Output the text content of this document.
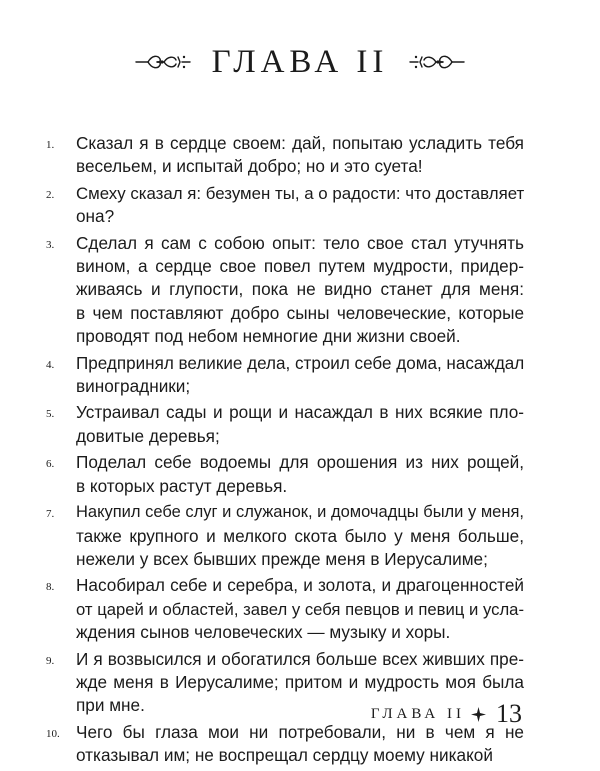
ГЛАВА II
1.	Сказал я в сердце своем: дай, попытаю усладить тебя
весельем, и испытай добро; но и это суета!
2.	Смеху сказал я: безумен ты, а о радости: что доставляет
она?
3.	Сделал я сам с собою опыт: тело свое стал утучнять
вином, а сердце свое повел путем мудрости, придер-
живаясь и глупости, пока не видно станет для меня:
в чем поставляют добро сыны человеческие, которые
проводят под небом немногие дни жизни своей.
4.	Предпринял великие дела, строил себе дома, насаждал
виноградники;
5.	Устраивал сады и рощи и насаждал в них всякие пло-
довитые деревья;
6.	Поделал себе водоемы для орошения из них рощей,
в которых растут деревья.
7.	Накупил себе слуг и служанок, и домочадцы были у меня,
также крупного и мелкого скота было у меня больше,
нежели у всех бывших прежде меня в Иерусалиме;
8.	Насобирал себе и серебра, и золота, и драгоценностей
от царей и областей, завел у себя певцов и певиц и усла-
ждения сынов человеческих — музыку и хоры.
9.	И я возвысился и обогатился больше всех живших пре-
жде меня в Иерусалиме; притом и мудрость моя была
при мне.
10. Чего бы глаза мои ни потребовали, ни в чем я не
отказывал им; не воспрещал сердцу моему никакой
ГЛАВА II 13
